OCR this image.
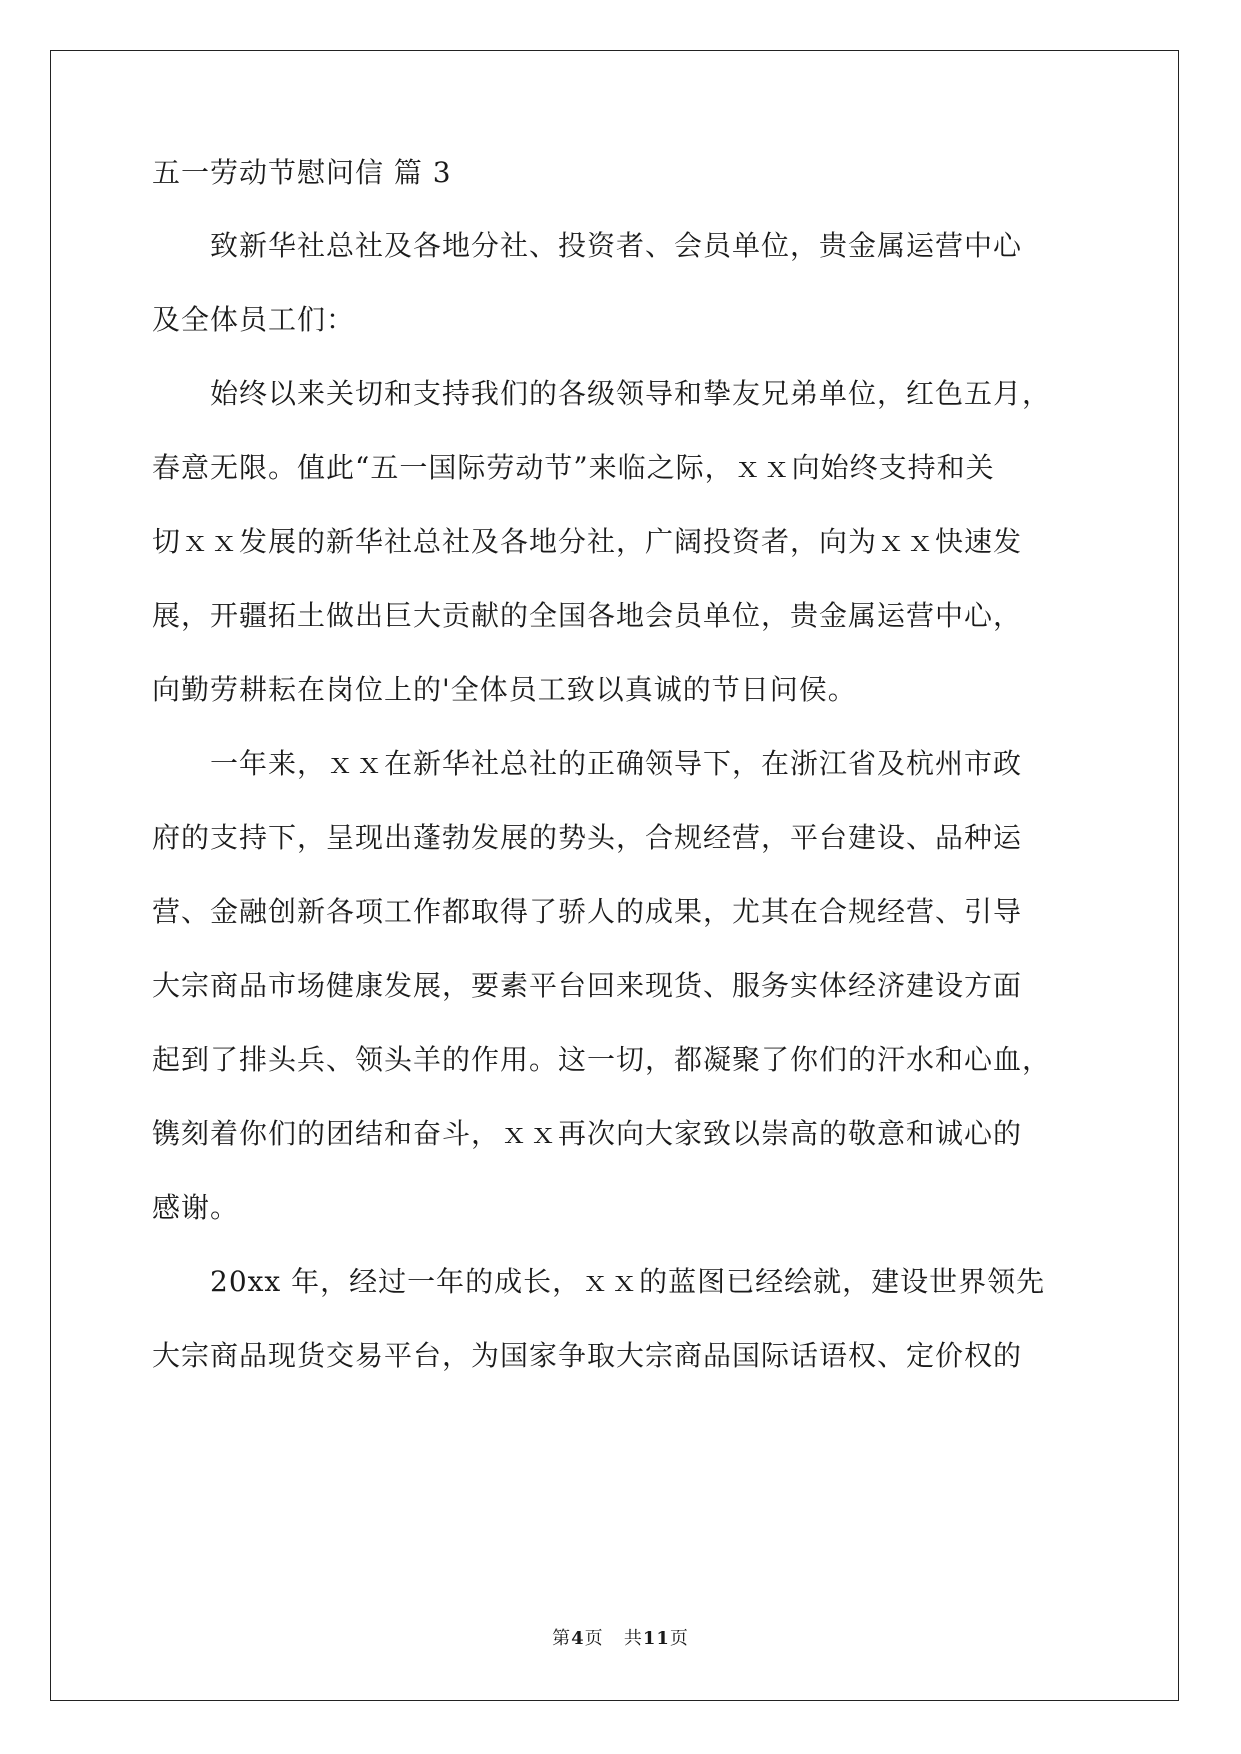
五一劳动节慰问信 篇 3
致新华社总社及各地分社、投资者、会员单位，贵金属运营中心
及全体员工们：
始终以来关切和支持我们的各级领导和挚友兄弟单位，红色五月，
春意无限。值此“五一国际劳动节”来临之际，ｘｘ向始终支持和关
切ｘｘ发展的新华社总社及各地分社，广阔投资者，向为ｘｘ快速发
展，开疆拓土做出巨大贡献的全国各地会员单位，贵金属运营中心，
向勤劳耕耘在岗位上的'全体员工致以真诚的节日问侯。
一年来，ｘｘ在新华社总社的正确领导下，在浙江省及杭州市政
府的支持下，呈现出蓬勃发展的势头，合规经营，平台建设、品种运
营、金融创新各项工作都取得了骄人的成果，尤其在合规经营、引导
大宗商品市场健康发展，要素平台回来现货、服务实体经济建设方面
起到了排头兵、领头羊的作用。这一切，都凝聚了你们的汗水和心血，
镌刻着你们的团结和奋斗，ｘｘ再次向大家致以崇高的敬意和诚心的
感谢。
20xx 年，经过一年的成长，ｘｘ的蓝图已经绘就，建设世界领先
大宗商品现货交易平台，为国家争取大宗商品国际话语权、定价权的
第4页 共11页
